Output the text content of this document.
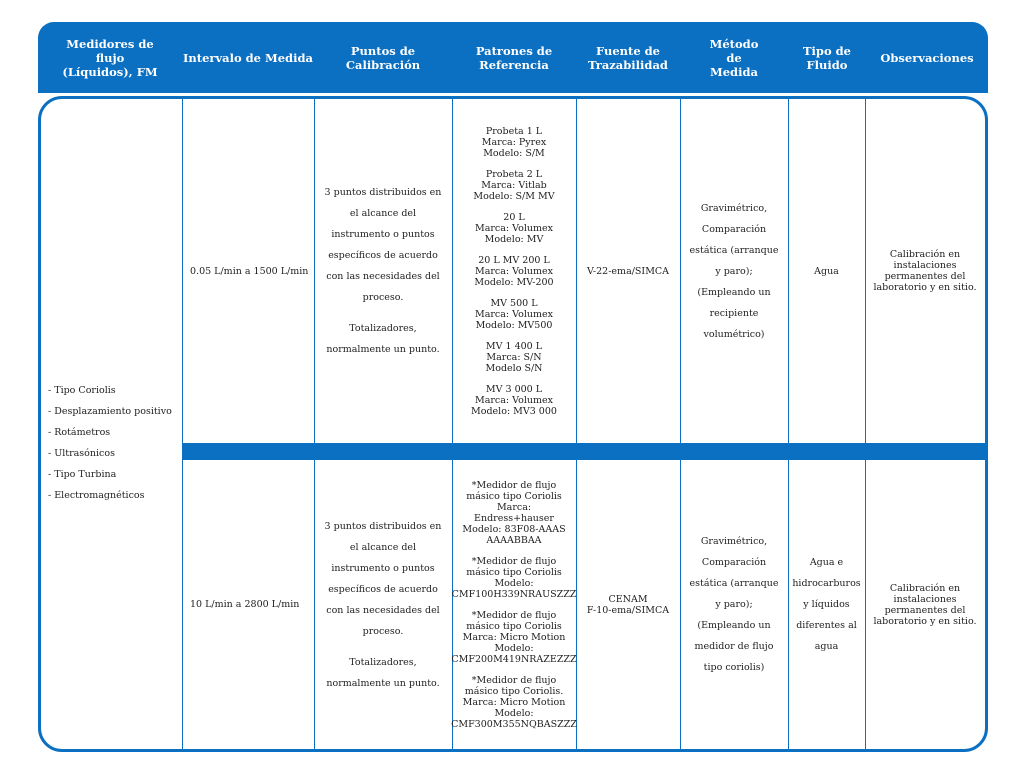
Medidores de flujo (Líquidos), FM
Intervalo de Medida	Puntos de Calibración
Patrones de Referencia
Fuente de Trazabilidad
Método de Medida
Tipo de Fluido	Observaciones
- Tipo Coriolis
- Desplazamiento positivo
- Rotámetros
- Ultrasónicos
- Tipo Turbina
- Electromagnéticos
0.05 L/min a 1500 L/min
3 puntos distribuidos en el alcance del instrumento o puntos específicos de acuerdo con las necesidades del proceso.
Totalizadores, normalmente un punto.
Probeta 1 L
Marca: Pyrex
Modelo: S/M
Probeta 2 L
Marca: Vitlab
Modelo: S/M MV
20 L
Marca: Volumex
Modelo: MV
20 L MV 200 L
Marca: Volumex
Modelo: MV-200
MV 500 L
Marca: Volumex
Modelo: MV500
MV 1 400 L
Marca: S/N
Modelo S/N
MV 3 000 L
Marca: Volumex
Modelo: MV3 000
V-22-ema/SIMCA
Gravimétrico, Comparación estática (arranque y paro); (Empleando un recipiente volumétrico)
Agua
Calibración en instalaciones permanentes del laboratorio y en sitio.
10 L/min a 2800 L/min
3 puntos distribuidos en el alcance del instrumento o puntos específicos de acuerdo con las necesidades del proceso.
Totalizadores, normalmente un punto.
*Medidor de flujo
másico tipo Coriolis
Marca: Endress+hauser
Modelo: 83F08-AAAS
AAAABBAA
*Medidor de flujo
másico tipo Coriolis
Modelo:
CMF100H339NRAUSZZZ
*Medidor de flujo
másico tipo Coriolis
Marca: Micro Motion
Modelo:
CMF200M419NRAZEZZZ
*Medidor de flujo
másico tipo Coriolis.
Marca: Micro Motion
Modelo:
CMF300M355NQBASZZZ
CENAM
F-10-ema/SIMCA
Gravimétrico, Comparación estática (arranque y paro); (Empleando un medidor de flujo tipo coriolis)
Agua e hidrocarburos y líquidos diferentes al agua
Calibración en instalaciones permanentes del laboratorio y en sitio.
